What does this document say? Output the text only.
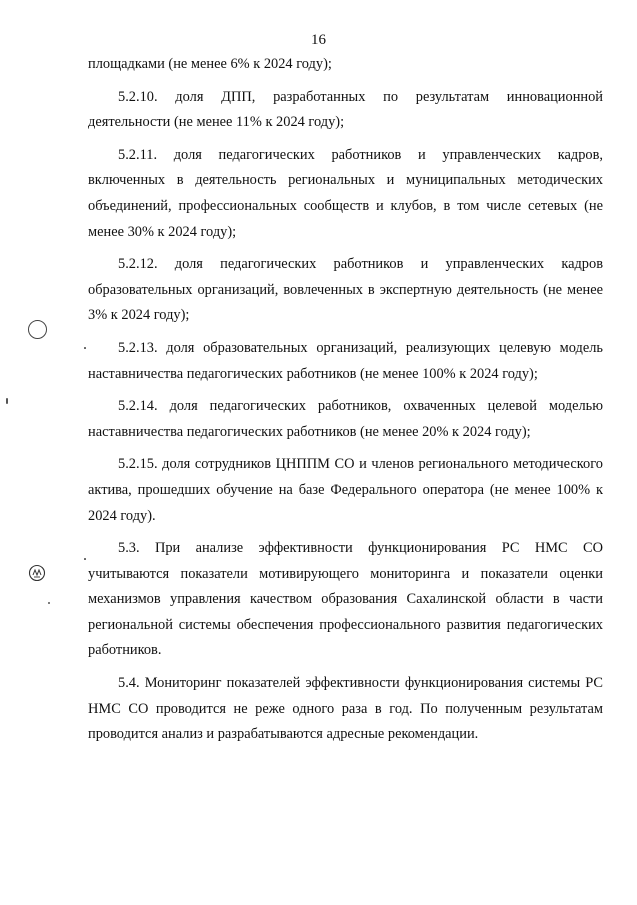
16

площадками (не менее 6% к 2024 году);

5.2.10. доля ДПП, разработанных по результатам инновационной деятельности (не менее 11% к 2024 году);

5.2.11. доля педагогических работников и управленческих кадров, включенных в деятельность региональных и муниципальных методических объединений, профессиональных сообществ и клубов, в том числе сетевых (не менее 30% к 2024 году);

5.2.12. доля педагогических работников и управленческих кадров образовательных организаций, вовлеченных в экспертную деятельность (не менее 3% к 2024 году);

5.2.13. доля образовательных организаций, реализующих целевую модель наставничества педагогических работников (не менее 100% к 2024 году);

5.2.14. доля педагогических работников, охваченных целевой моделью наставничества педагогических работников (не менее 20% к 2024 году);

5.2.15. доля сотрудников ЦНППМ СО и членов регионального методического актива, прошедших обучение на базе Федерального оператора (не менее 100% к 2024 году).

5.3. При анализе эффективности функционирования РС НМС СО учитываются показатели мотивирующего мониторинга и показатели оценки механизмов управления качеством образования Сахалинской области в части региональной системы обеспечения профессионального развития педагогических работников.

5.4. Мониторинг показателей эффективности функционирования системы РС НМС СО проводится не реже одного раза в год. По полученным результатам проводится анализ и разрабатываются адресные рекомендации.
